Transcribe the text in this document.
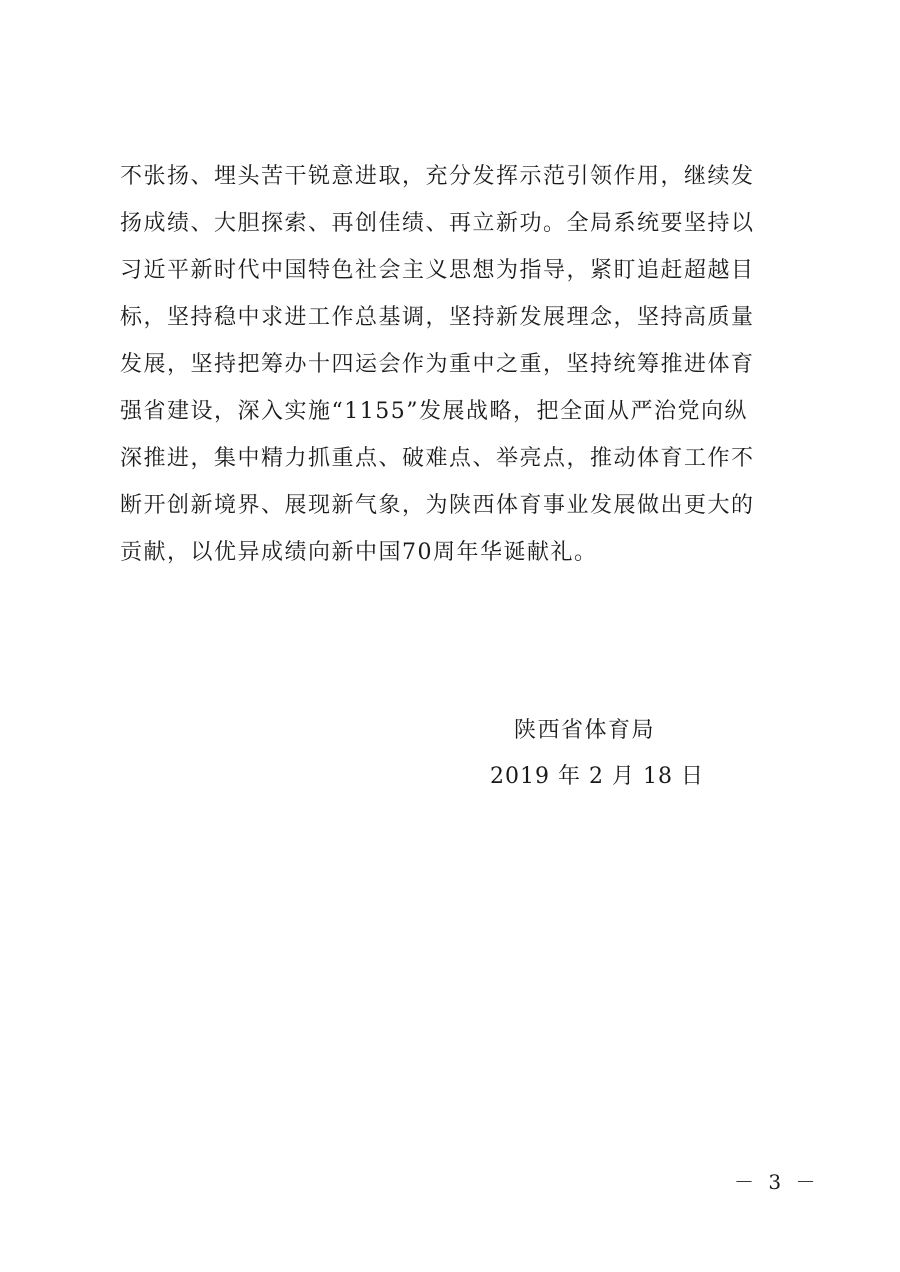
不张扬、埋头苦干锐意进取，充分发挥示范引领作用，继续发
扬成绩、大胆探索、再创佳绩、再立新功。全局系统要坚持以
习近平新时代中国特色社会主义思想为指导，紧盯追赶超越目
标，坚持稳中求进工作总基调，坚持新发展理念，坚持高质量
发展，坚持把筹办十四运会作为重中之重，坚持统筹推进体育
强省建设，深入实施“1155”发展战略，把全面从严治党向纵
深推进，集中精力抓重点、破难点、举亮点，推动体育工作不
断开创新境界、展现新气象，为陕西体育事业发展做出更大的
贡献，以优异成绩向新中国70周年华诞献礼。
陕西省体育局
2019 年 2 月 18 日
－ 3 －
